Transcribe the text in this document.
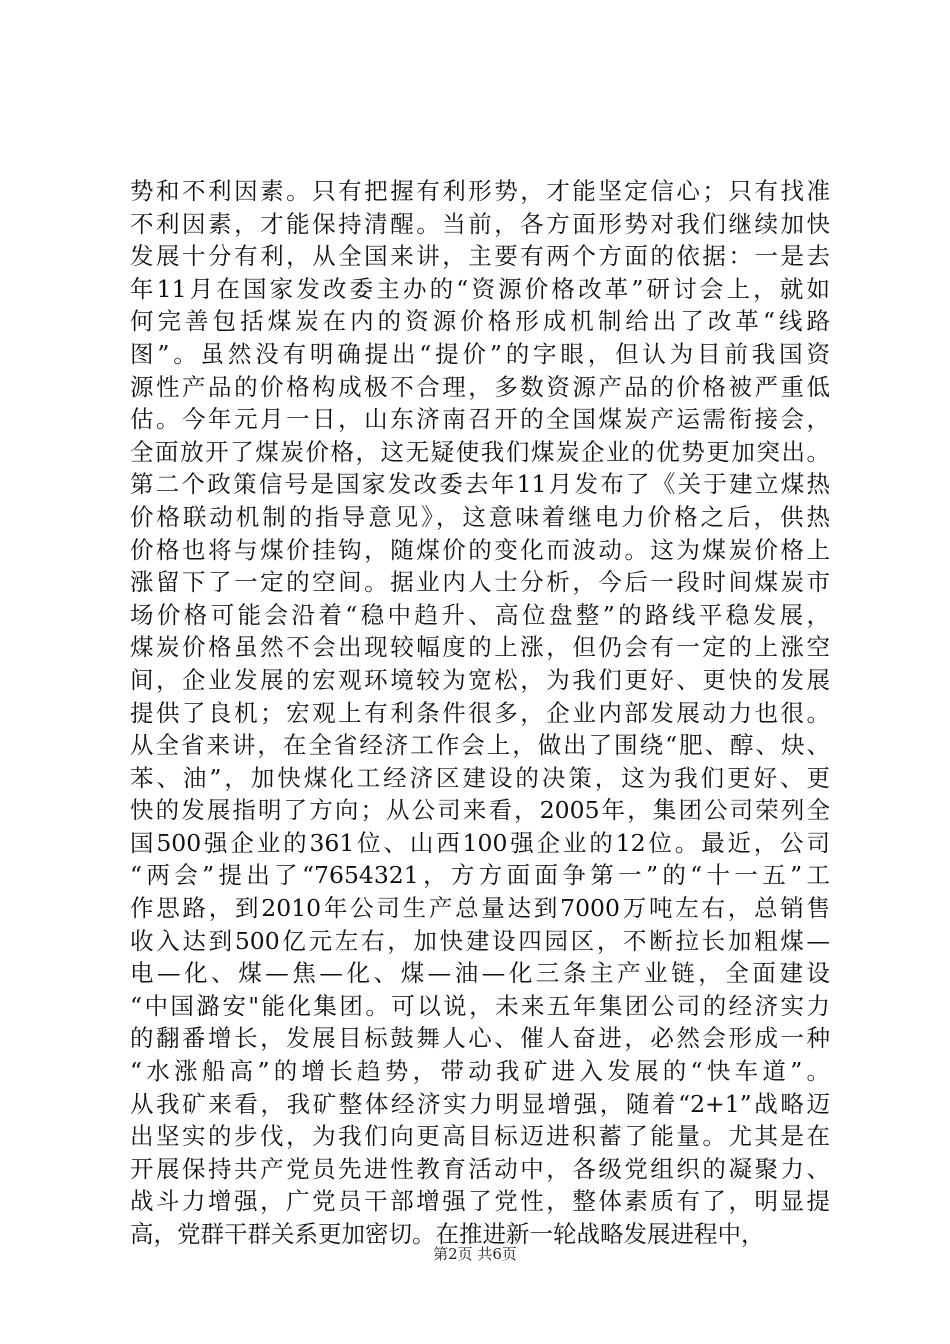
势和不利因素。只有把握有利形势，才能坚定信心；只有找准
不利因素，才能保持清醒。当前，各方面形势对我们继续加快
发展十分有利，从全国来讲，主要有两个方面的依据：一是去
年11月在国家发改委主办的“资源价格改革”研讨会上，就如
何完善包括煤炭在内的资源价格形成机制给出了改革“线路
图”。虽然没有明确提出“提价”的字眼，但认为目前我国资
源性产品的价格构成极不合理，多数资源产品的价格被严重低
估。今年元月一日，山东济南召开的全国煤炭产运需衔接会，
全面放开了煤炭价格，这无疑使我们煤炭企业的优势更加突出。
第二个政策信号是国家发改委去年11月发布了《关于建立煤热
价格联动机制的指导意见》，这意味着继电力价格之后，供热
价格也将与煤价挂钩，随煤价的变化而波动。这为煤炭价格上
涨留下了一定的空间。据业内人士分析，今后一段时间煤炭市
场价格可能会沿着“稳中趋升、高位盘整”的路线平稳发展，
煤炭价格虽然不会出现较幅度的上涨，但仍会有一定的上涨空
间，企业发展的宏观环境较为宽松，为我们更好、更快的发展
提供了良机；宏观上有利条件很多，企业内部发展动力也很。
从全省来讲，在全省经济工作会上，做出了围绕“肥、醇、炔、
苯、油”，加快煤化工经济区建设的决策，这为我们更好、更
快的发展指明了方向；从公司来看，2005年，集团公司荣列全
国500强企业的361位、山西100强企业的12位。最近，公司
“两会”提出了“7654321，方方面面争第一”的“十一五”工
作思路，到2010年公司生产总量达到7000万吨左右，总销售
收入达到500亿元左右，加快建设四园区，不断拉长加粗煤—
电—化、煤—焦—化、煤—油—化三条主产业链，全面建设
“中国潞安"能化集团。可以说，未来五年集团公司的经济实力
的翻番增长，发展目标鼓舞人心、催人奋进，必然会形成一种
“水涨船高”的增长趋势，带动我矿进入发展的“快车道”。
从我矿来看，我矿整体经济实力明显增强，随着“2+1”战略迈
出坚实的步伐，为我们向更高目标迈进积蓄了能量。尤其是在
开展保持共产党员先进性教育活动中，各级党组织的凝聚力、
战斗力增强，广党员干部增强了党性，整体素质有了，明显提
高，党群干群关系更加密切。在推进新一轮战略发展进程中，
第2页 共6页
